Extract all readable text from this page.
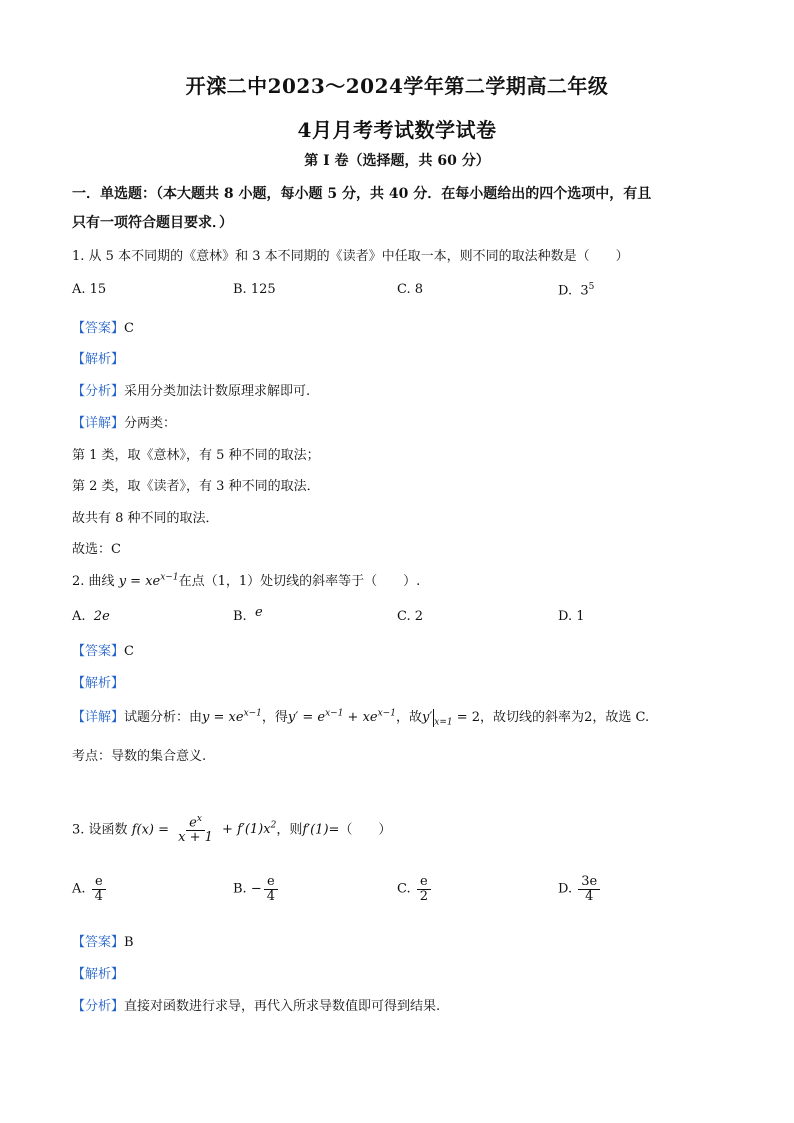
开滦二中2023～2024学年第二学期高二年级
4月月考考试数学试卷
第 I 卷（选择题，共 60 分）
一．单选题：（本大题共 8 小题，每小题 5 分，共 40 分．在每小题给出的四个选项中，有且
只有一项符合题目要求．）
1. 从 5 本不同期的《意林》和 3 本不同期的《读者》中任取一本，则不同的取法种数是（　　）
A. 15	B. 125	C. 8	D. $3^5$
【答案】C
【解析】
【分析】采用分类加法计数原理求解即可.
【详解】分两类：
第 1 类，取《意林》，有 5 种不同的取法；
第 2 类，取《读者》，有 3 种不同的取法．
故共有 8 种不同的取法．
故选：C
2. 曲线 $y = xe^{x-1}$在点（1，1）处切线的斜率等于（　　）.
A. 2e	B. e	C. 2	D. 1
【答案】C
【解析】
【详解】试题分析：由$y = xe^{x-1}$，得$y' = e^{x-1} + xe^{x-1}$，故y′ $_{x=1}$ = 2，故切线的斜率为2，故选 C.
考点：导数的集合意义.
3. 设函数 $f(x) = \frac{e^x}{x + 1} + f'(1)x^2$，则f′(1)=（　　）
A. $\frac{e}{4}$	B. − $\frac{e}{4}$	C. $\frac{e}{2}$	D. $\frac{3e}{4}$
【答案】B
【解析】
【分析】直接对函数进行求导，再代入所求导数值即可得到结果.
